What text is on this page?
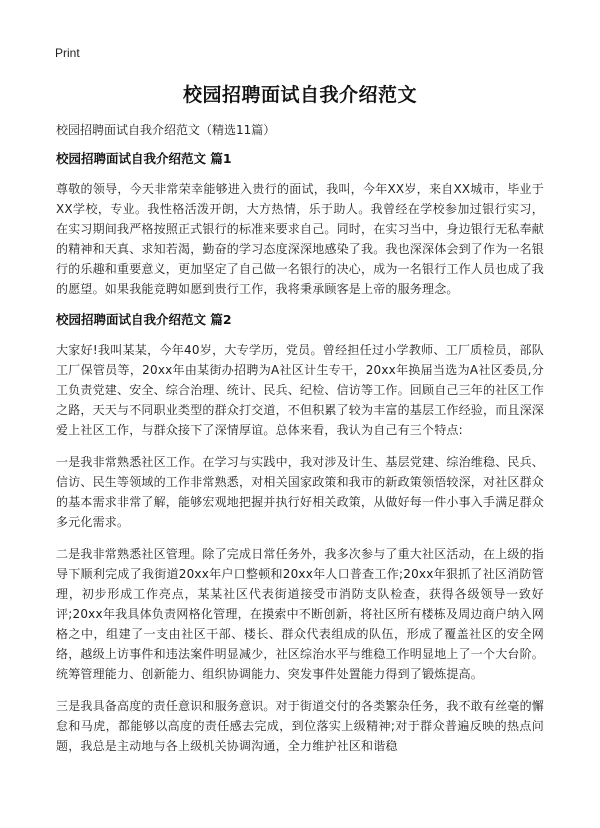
Print
校园招聘面试自我介绍范文

校园招聘面试自我介绍范文（精选11篇）

校园招聘面试自我介绍范文 篇1

尊敬的领导，今天非常荣幸能够进入贵行的面试，我叫，今年XX岁，来自XX城市，毕业于XX学校，专业。我性格活泼开朗，大方热情，乐于助人。我曾经在学校参加过银行实习，在实习期间我严格按照正式银行的标准来要求自己。同时，在实习当中，身边银行无私奉献的精神和天真、求知若渴，勤奋的学习态度深深地感染了我。我也深深体会到了作为一名银行的乐趣和重要意义，更加坚定了自己做一名银行的决心，成为一名银行工作人员也成了我的愿望。如果我能竞聘如愿到贵行工作，我将秉承顾客是上帝的服务理念。

校园招聘面试自我介绍范文 篇2

大家好!我叫某某，今年40岁，大专学历，党员。曾经担任过小学教师、工厂质检员，部队工厂保管员等，20xx年由某街办招聘为A社区计生专干，20xx年换届当选为A社区委员,分工负责党建、安全、综合治理、统计、民兵、纪检、信访等工作。回顾自己三年的社区工作之路，天天与不同职业类型的群众打交道，不但积累了较为丰富的基层工作经验，而且深深爱上社区工作，与群众接下了深情厚谊。总体来看，我认为自己有三个特点:

一是我非常熟悉社区工作。在学习与实践中，我对涉及计生、基层党建、综治维稳、民兵、信访、民生等领域的工作非常熟悉，对相关国家政策和我市的新政策领悟较深，对社区群众的基本需求非常了解，能够宏观地把握并执行好相关政策，从做好每一件小事入手满足群众多元化需求。

二是我非常熟悉社区管理。除了完成日常任务外，我多次参与了重大社区活动，在上级的指导下顺利完成了我街道20xx年户口整顿和20xx年人口普查工作;20xx年狠抓了社区消防管理，初步形成工作亮点，某某社区代表街道接受市消防支队检查，获得各级领导一致好评;20xx年我具体负责网格化管理，在摸索中不断创新，将社区所有楼栋及周边商户纳入网格之中，组建了一支由社区干部、楼长、群众代表组成的队伍，形成了覆盖社区的安全网络，越级上访事件和违法案件明显减少，社区综治水平与维稳工作明显地上了一个大台阶。统筹管理能力、创新能力、组织协调能力、突发事件处置能力得到了锻炼提高。

三是我具备高度的责任意识和服务意识。对于街道交付的各类繁杂任务，我不敢有丝毫的懈怠和马虎，都能够以高度的责任感去完成，到位落实上级精神;对于群众普遍反映的热点问题，我总是主动地与各上级机关协调沟通，全力维护社区和谐稳
